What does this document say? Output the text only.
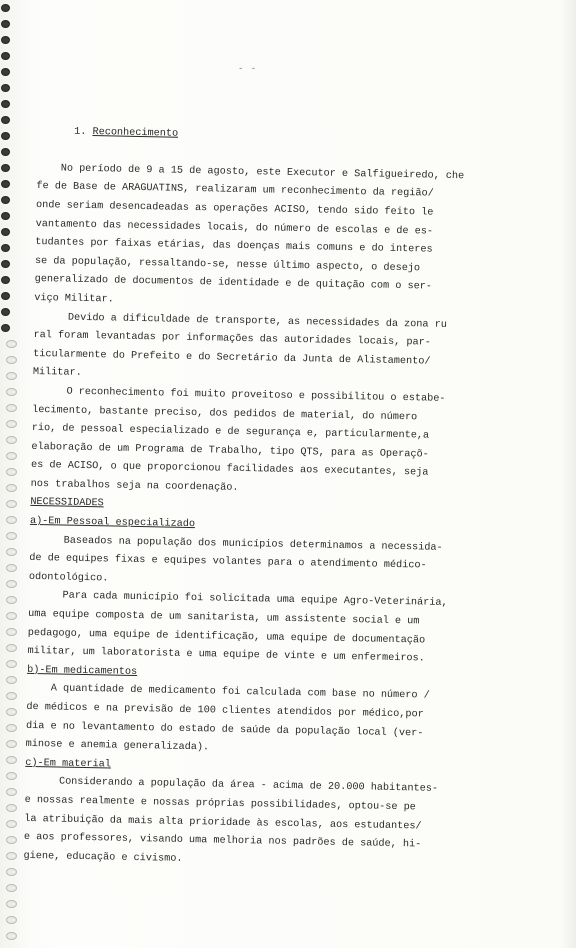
- -

1. Reconhecimento

No período de 9 a 15 de agosto, este Executor e Salfigueiredo, che
fe de Base de ARAGUATINS, realizaram um reconhecimento da região/
onde seriam desencadeadas as operações ACISO, tendo sido feito le
vantamento das necessidades locais, do número de escolas e de es-
tudantes por faixas etárias, das doenças mais comuns e do interes
se da população, ressaltando-se, nesse último aspecto, o desejo
generalizado de documentos de identidade e de quitação com o ser-
viço Militar.
Devido a dificuldade de transporte, as necessidades da zona ru
ral foram levantadas por informações das autoridades locais, par-
ticularmente do Prefeito e do Secretário da Junta de Alistamento/
Militar.
O reconhecimento foi muito proveitoso e possibilitou o estabe-
lecimento, bastante preciso, dos pedidos de material, do número
rio, de pessoal especializado e de segurança e, particularmente,a
elaboração de um Programa de Trabalho, tipo QTS, para as Operaçõ-
es de ACISO, o que proporcionou facilidades aos executantes, seja
nos trabalhos seja na coordenação.
NECESSIDADES
a)-Em Pessoal especializado
Baseados na população dos municípios determinamos a necessida-
de de equipes fixas e equipes volantes para o atendimento médico-
odontológico.
Para cada município foi solicitada uma equipe Agro-Veterinária,
uma equipe composta de um sanitarista, um assistente social e um
pedagogo, uma equipe de identificação, uma equipe de documentação
militar, um laboratorista e uma equipe de vinte e um enfermeiros.
b)-Em medicamentos
A quantidade de medicamento foi calculada com base no número /
de médicos e na previsão de 100 clientes atendidos por médico,por
dia e no levantamento do estado de saúde da população local (ver-
minose e anemia generalizada).
c)-Em material
Considerando a população da área - acima de 20.000 habitantes-
e nossas realmente e nossas próprias possibilidades, optou-se pe
la atribuição da mais alta prioridade às escolas, aos estudantes/
e aos professores, visando uma melhoria nos padrões de saúde, hi-
giene, educação e civismo.
